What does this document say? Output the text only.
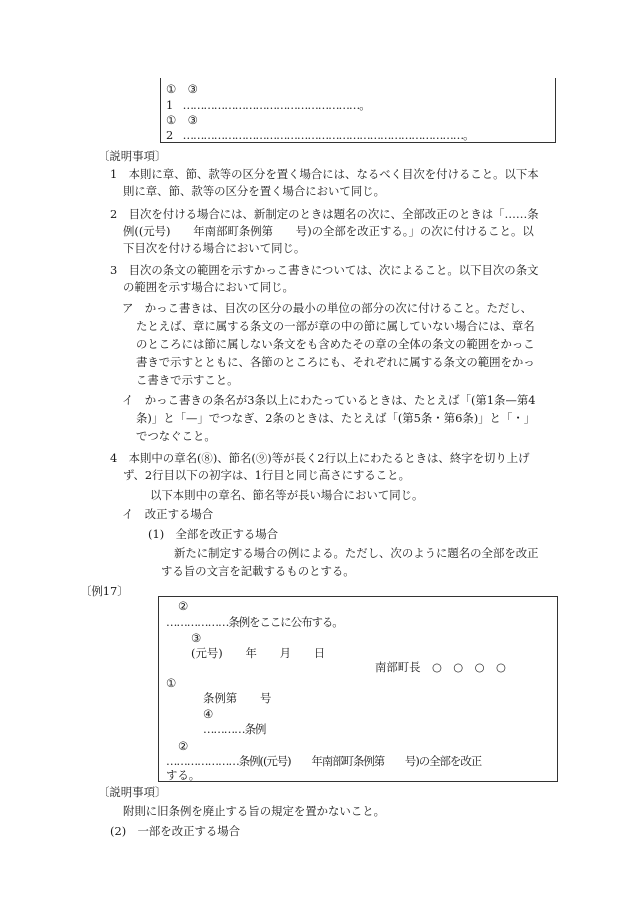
①　③
1　……………………………………………。
①　③
2　………………………………………………………………………。
〔説明事項〕
1　本則に章、節、款等の区分を置く場合には、なるべく目次を付けること。以下本
則に章、節、款等の区分を置く場合において同じ。
2　目次を付ける場合には、新制定のときは題名の次に、全部改正のときは「……条
例((元号)　　年南部町条例第　　号)の全部を改正する。」の次に付けること。以
下目次を付ける場合において同じ。
3　目次の条文の範囲を示すかっこ書きについては、次によること。以下目次の条文
の範囲を示す場合において同じ。
ア　かっこ書きは、目次の区分の最小の単位の部分の次に付けること。ただし、
たとえば、章に属する条文の一部が章の中の節に属していない場合には、章名
のところには節に属しない条文をも含めたその章の全体の条文の範囲をかっこ
書きで示すとともに、各節のところにも、それぞれに属する条文の範囲をかっ
こ書きで示すこと。
イ　かっこ書きの条名が3条以上にわたっているときは、たとえば「(第1条—第4
条)」と「—」でつなぎ、2条のときは、たとえば「(第5条・第6条)」と「・」
でつなぐこと。
4　本則中の章名(⑧)、節名(⑨)等が長く2行以上にわたるときは、終字を切り上げ
ず、2行目以下の初字は、1行目と同じ高さにすること。
以下本則中の章名、節名等が長い場合において同じ。
イ　改正する場合
(1)　全部を改正する場合
新たに制定する場合の例による。ただし、次のように題名の全部を改正
する旨の文言を記載するものとする。
〔例17〕
②
………………条例をここに公布する。
③
(元号)　　年　　月　　日
南部町長　○　○　○　○
①
条例第　　号
④
…………条例
②
…………………条例((元号)　　年南部町条例第　　号)の全部を改正
する。
〔説明事項〕
附則に旧条例を廃止する旨の規定を置かないこと。
(2)　一部を改正する場合
